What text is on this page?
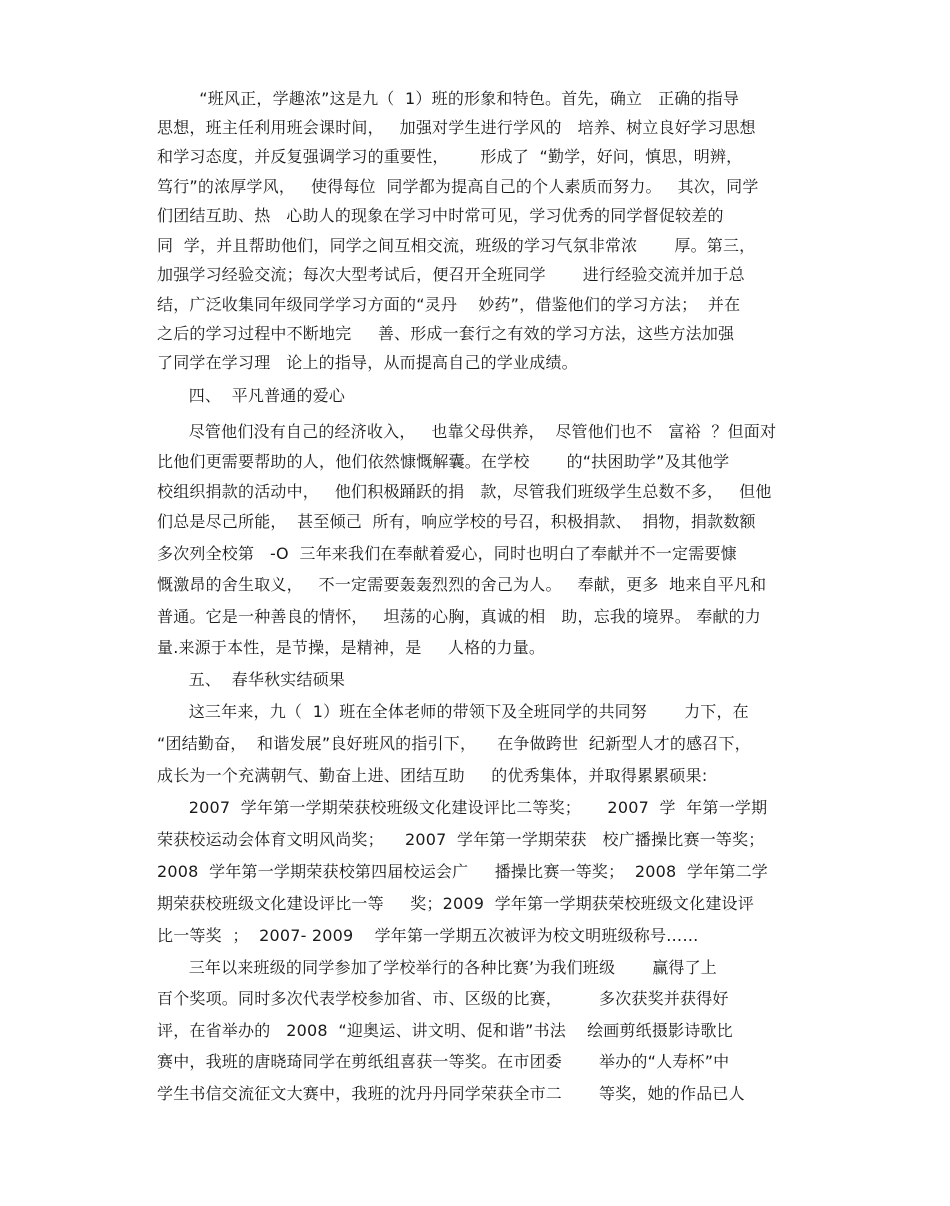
“班风正，学趣浓”这是九（  1）班的形象和特色。首先，确立   正确的指导
思想，班主任利用班会课时间，   加强对学生进行学风的   培养、树立良好学习思想
和学习态度，并反复强调学习的重要性，      形成了  “勤学，好问，慎思，明辨，
笃行”的浓厚学风，   使得每位  同学都为提高自己的个人素质而努力。   其次，同学
们团结互助、热   心助人的现象在学习中时常可见，学习优秀的同学督促较差的
同  学，并且帮助他们，同学之间互相交流，班级的学习气氛非常浓       厚。第三，
加强学习经验交流；每次大型考试后，便召开全班同学       进行经验交流并加于总
结，广泛收集同年级同学学习方面的“灵丹    妙药”，借鉴他们的学习方法；  并在
之后的学习过程中不断地完     善、形成一套行之有效的学习方法，这些方法加强
了同学在学习理   论上的指导，从而提高自己的学业成绩。
四、  平凡普通的爱心
尽管他们没有自己的经济收入，   也靠父母供养，  尽管他们也不   富裕  ？但面对
比他们更需要帮助的人，他们依然慷慨解囊。在学校       的“扶困助学”及其他学
校组织捐款的活动中，   他们积极踊跃的捐   款，尽管我们班级学生总数不多，   但他
们总是尽己所能，  甚至倾己  所有，响应学校的号召，积极捐款、  捐物，捐款数额
多次列全校第   -O  三年来我们在奉献着爱心，同时也明白了奉献并不一定需要慷
慨激昂的舍生取义，   不一定需要轰轰烈烈的舍己为人。   奉献，更多  地来自平凡和
普通。它是一种善良的情怀，   坦荡的心胸，真诚的相   助，忘我的境界。 奉献的力
量.来源于本性，是节操，是精神，是     人格的力量。
五、  春华秋实结硕果
这三年来，九（  1）班在全体老师的带领下及全班同学的共同努       力下，在
“团结勤奋，  和谐发展”良好班风的指引下，    在争做跨世  纪新型人才的感召下，
成长为一个充满朝气、勤奋上进、团结互助     的优秀集体，并取得累累硕果:
2007  学年第一学期荣获校班级文化建设评比二等奖；     2007  学  年第一学期
荣获校运动会体育文明风尚奖；    2007  学年第一学期荣获   校广播操比赛一等奖；
2008  学年第一学期荣获校第四届校运会广     播操比赛一等奖；  2008  学年第二学
期荣获校班级文化建设评比一等     奖；2009  学年第一学期获荣校班级文化建设评
比一等奖  ；  2007- 2009    学年第一学期五次被评为校文明班级称号……
三年以来班级的同学参加了学校举行的各种比赛’为我们班级       赢得了上
百个奖项。同时多次代表学校参加省、市、区级的比赛，       多次获奖并获得好
评，在省举办的   2008  “迎奥运、讲文明、促和谐”书法    绘画剪纸摄影诗歌比
赛中，我班的唐晓琦同学在剪纸组喜获一等奖。在市团委       举办的“人寿杯”中
学生书信交流征文大赛中，我班的沈丹丹同学荣获全市二       等奖，她的作品已人
